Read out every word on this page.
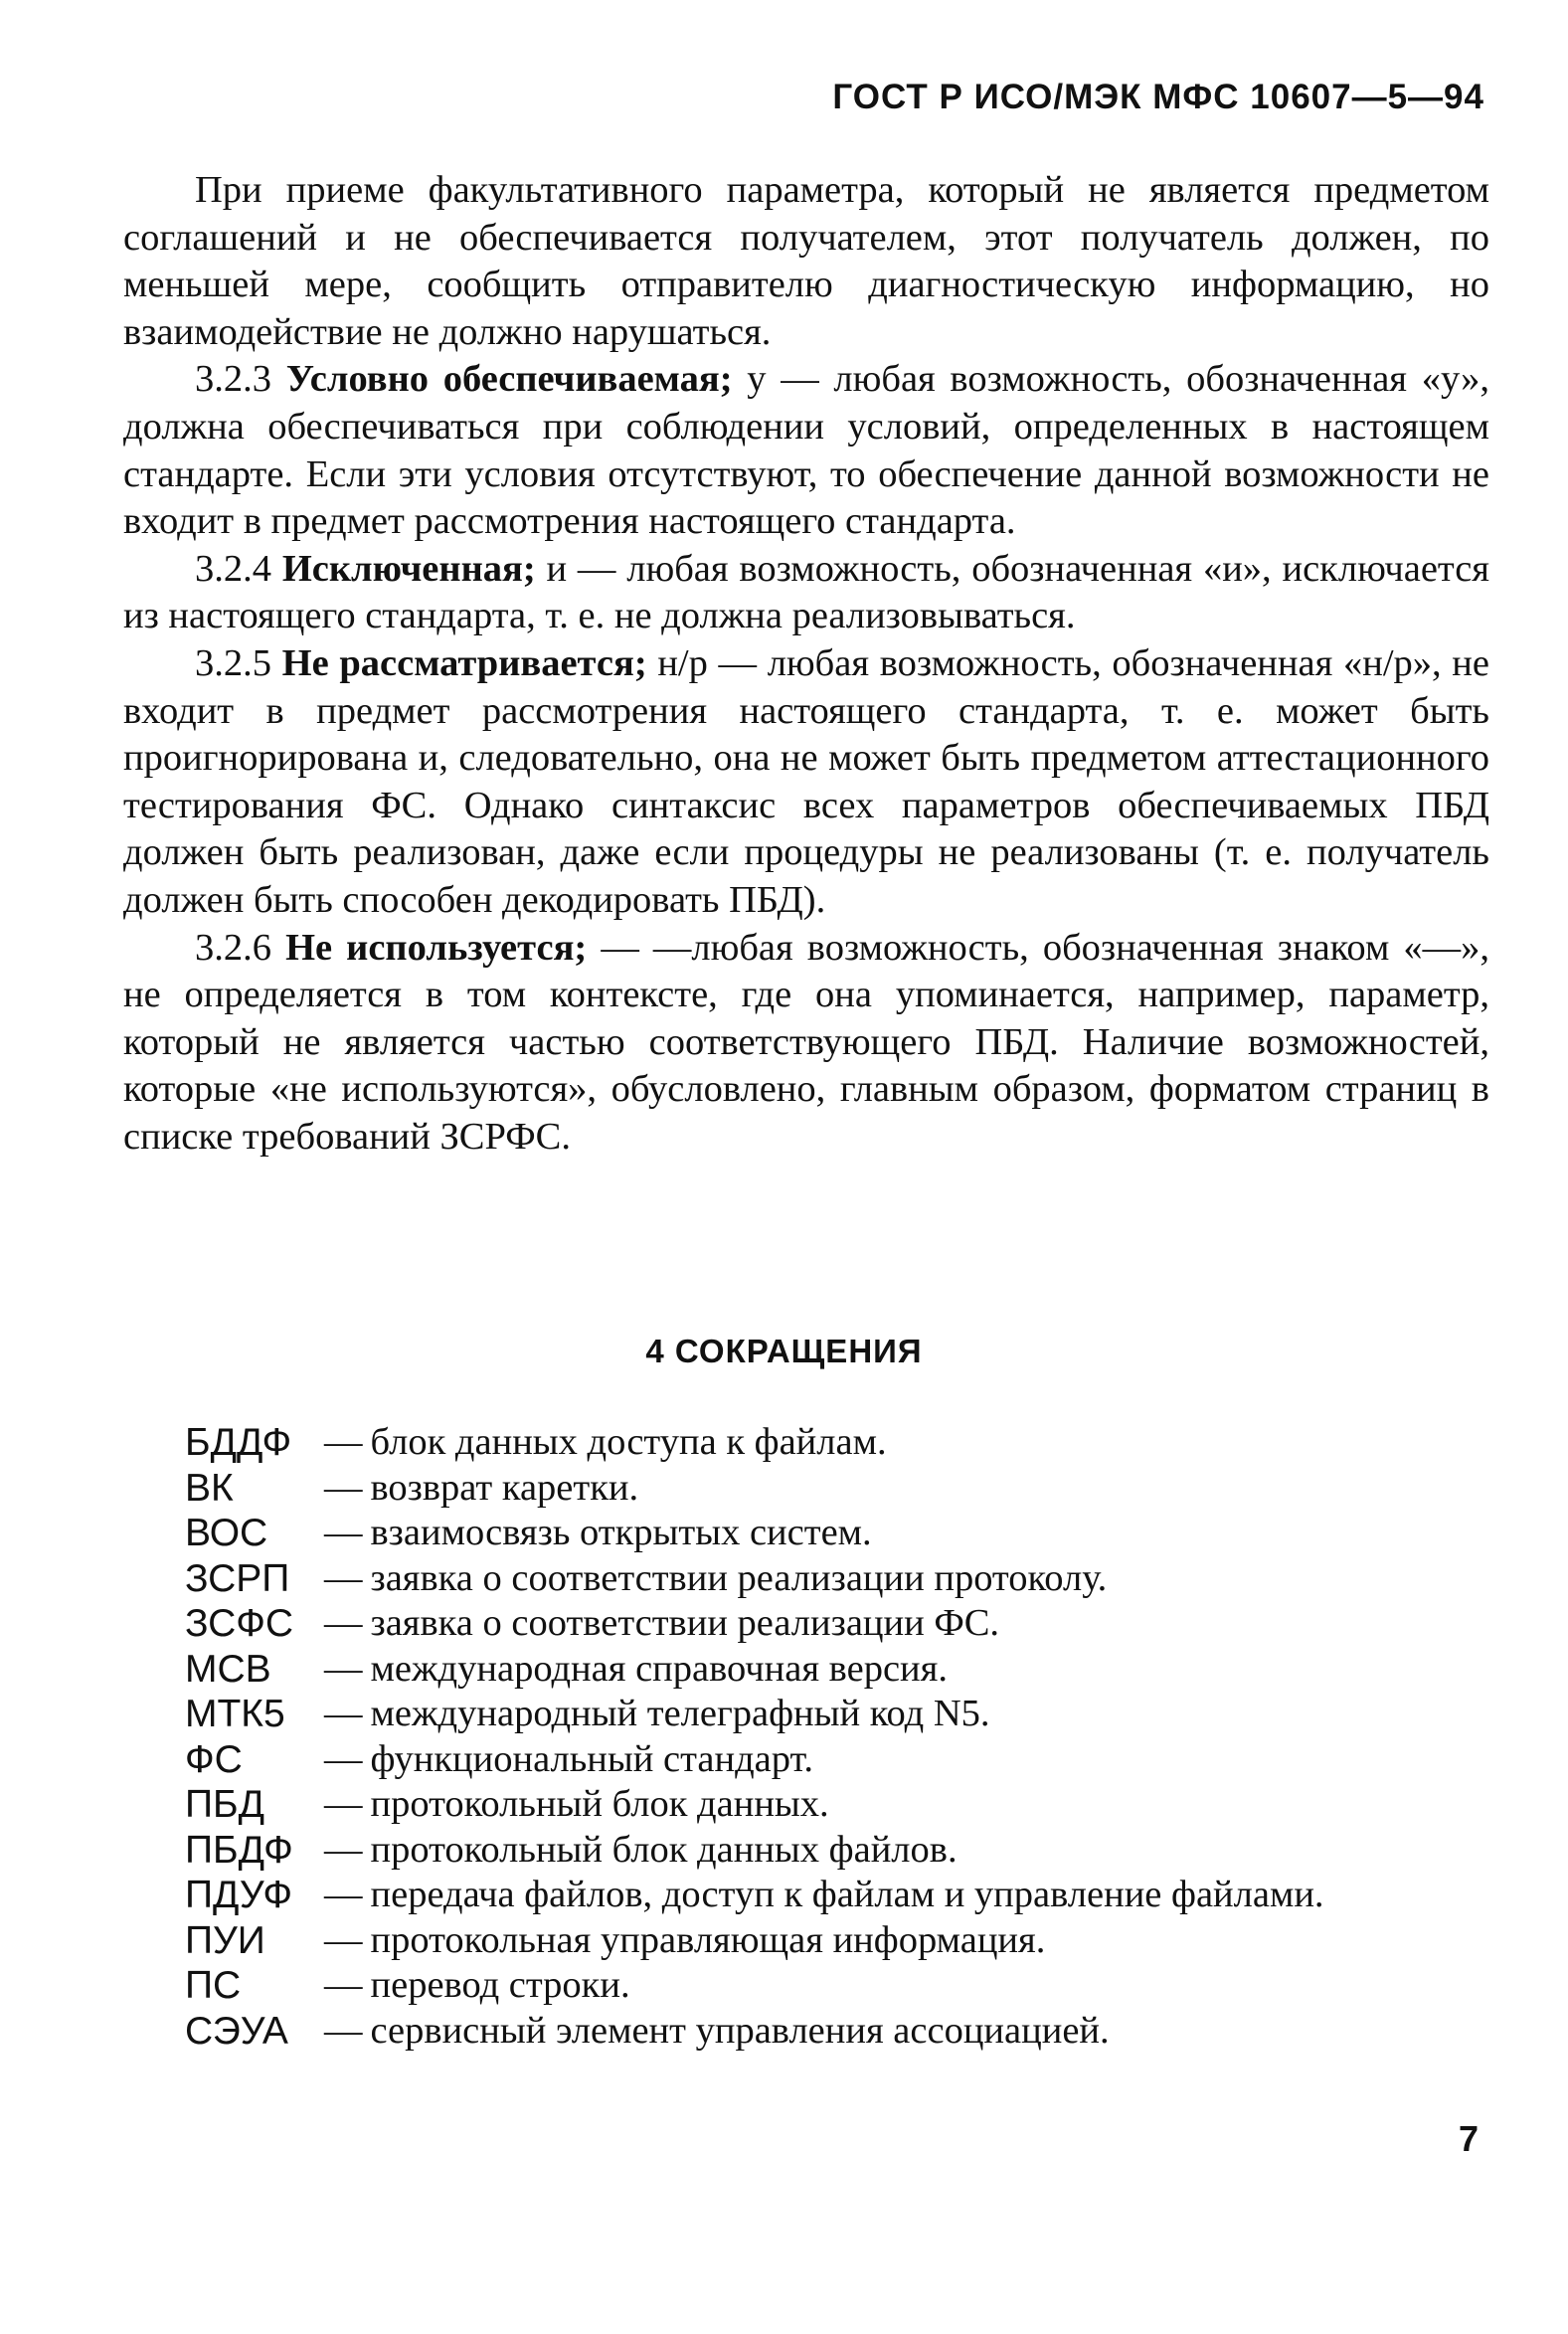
ГОСТ Р ИСО/МЭК МФС 10607—5—94

При приеме факультативного параметра, который не является предметом соглашений и не обеспечивается получателем, этот получатель должен, по меньшей мере, сообщить отправителю диагностическую информацию, но взаимодействие не должно нарушаться.

3.2.3 Условно обеспечиваемая; у — любая возможность, обозначенная «у», должна обеспечиваться при соблюдении условий, определенных в настоящем стандарте. Если эти условия отсутствуют, то обеспечение данной возможности не входит в предмет рассмотрения настоящего стандарта.

3.2.4 Исключенная; и — любая возможность, обозначенная «и», исключается из настоящего стандарта, т. е. не должна реализовываться.

3.2.5 Не рассматривается; н/р — любая возможность, обозначенная «н/р», не входит в предмет рассмотрения настоящего стандарта, т. е. может быть проигнорирована и, следовательно, она не может быть предметом аттестационного тестирования ФС. Однако синтаксис всех параметров обеспечиваемых ПБД должен быть реализован, даже если процедуры не реализованы (т. е. получатель должен быть способен декодировать ПБД).

3.2.6 Не используется; — —любая возможность, обозначенная знаком «—», не определяется в том контексте, где она упоминается, например, параметр, который не является частью соответствующего ПБД. Наличие возможностей, которые «не используются», обусловлено, главным образом, форматом страниц в списке требований ЗСРФС.

4 СОКРАЩЕНИЯ
БДДФ — блок данных доступа к файлам.
ВК	— возврат каретки.
ВОС	— взаимосвязь открытых систем.
ЗСРП — заявка о соответствии реализации протоколу.
ЗСФС — заявка о соответствии реализации ФС.
МСВ	— международная справочная версия.
МТК5	— международный телеграфный код N5.
ФС	— функциональный стандарт.
ПБД	— протокольный блок данных.
ПБДФ — протокольный блок данных файлов.
ПДУФ — передача файлов, доступ к файлам и управление файлами.
ПУИ	— протокольная управляющая информация.
ПС	— перевод строки.
СЭУА — сервисный элемент управления ассоциацией.
7
